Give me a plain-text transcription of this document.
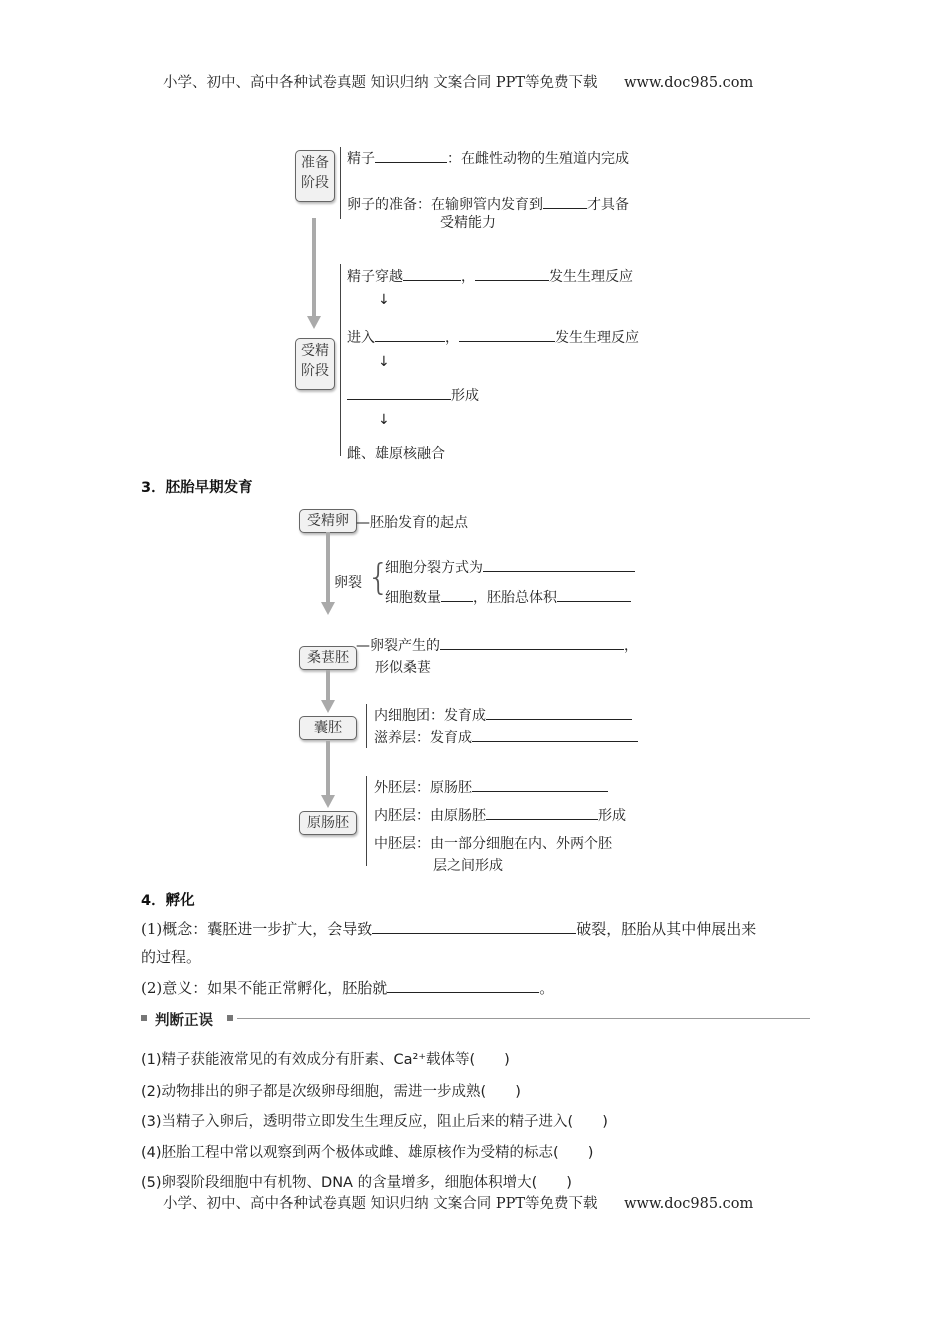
小学、初中、高中各种试卷真题 知识归纳 文案合同 PPT等免费下载 www.doc985.com
准备
阶段
精子	：在雌性动物的生殖道内完成
卵子的准备：在输卵管内发育到	才具备
受精能力
受精
阶段
精子穿越	，	发生生理反应
↓
进入	，	发生生理反应
↓
形成
↓
雌、雄原核融合
3．胚胎早期发育
受精卵 —胚胎发育的起点
卵裂 {
细胞分裂方式为
细胞数量 ，胚胎总体积
桑葚胚
—卵裂产生的	，
形似桑葚
囊胚
内细胞团：发育成
滋养层：发育成
原肠胚
外胚层：原肠胚
内胚层：由原肠胚	形成
中胚层：由一部分细胞在内、外两个胚
层之间形成
4．孵化
(1)概念：囊胚进一步扩大，会导致	破裂，胚胎从其中伸展出来
的过程。
(2)意义：如果不能正常孵化，胚胎就	。
判断正误
(1)精子获能液常见的有效成分有肝素、Ca²⁺载体等(　　)
(2)动物排出的卵子都是次级卵母细胞，需进一步成熟(　　)
(3)当精子入卵后，透明带立即发生生理反应，阻止后来的精子进入(　　)
(4)胚胎工程中常以观察到两个极体或雌、雄原核作为受精的标志(　　)
(5)卵裂阶段细胞中有机物、DNA 的含量增多，细胞体积增大(　　)
小学、初中、高中各种试卷真题 知识归纳 文案合同 PPT等免费下载 www.doc985.com
